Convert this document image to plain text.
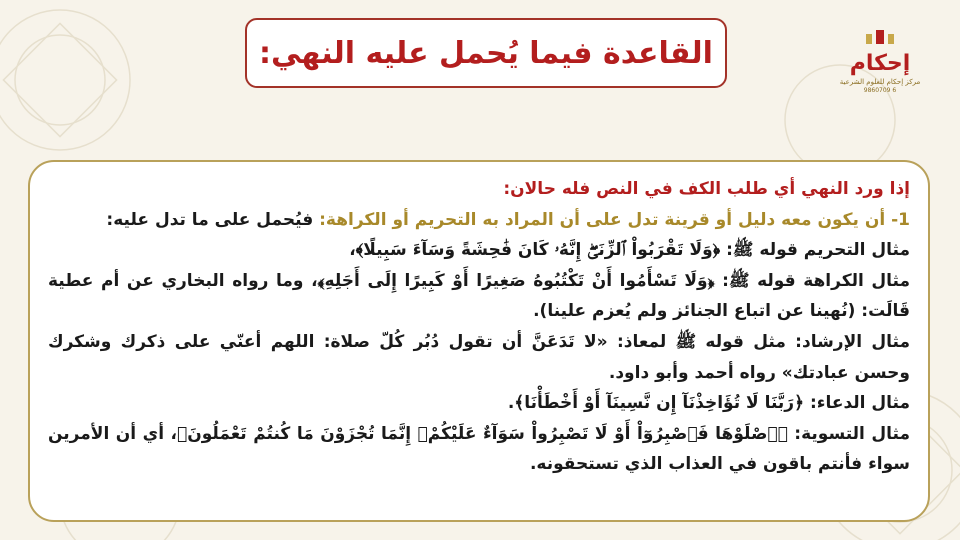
القاعدة فيما يُحمل عليه النهي:	إحكام
مركز إحكام للعلوم الشرعية
9860709 6

إذا ورد النهي أي طلب الكف في النص فله حالان:

1- أن يكون معه دليل أو قرينة تدل على أن المراد به التحريم أو الكراهة: فيُحمل على ما تدل عليه:

مثال التحريم قوله ﷺ: ﴿وَلَا تَقْرَبُواْ ٱلزِّنَىٰٓۖ إِنَّهُۥ كَانَ فَٰحِشَةً وَسَآءَ سَبِيلًا﴾،

مثال الكراهة قوله ﷺ: ﴿وَلَا تَسْأَمُوا أَنْ تَكْتُبُوهُ صَغِيرًا أَوْ كَبِيرًا إِلَى أَجَلِهِ﴾، وما رواه البخاري عن أم عطية قَالَت: (نُهينا عن اتباع الجنائز ولم يُعزم علينا).

مثال الإرشاد: مثل قوله ﷺ لمعاذ: «لا تَدَعَنَّ أن تقول دُبُر كُلّ صلاة: اللهم أعنّي على ذكرك وشكرك وحسن عبادتك» رواه أحمد وأبو داود.

مثال الدعاء: ﴿رَبَّنَا لَا تُؤَاخِذْنَآ إِن نَّسِينَآ أَوْ أَخْطَأْنَا﴾.

مثال التسوية: ﴿ٱصْلَوْهَا فَٱصْبِرُوٓاْ أَوْ لَا تَصْبِرُواْ سَوَآءٌ عَلَيْكُمْۖ إِنَّمَا تُجْزَوْنَ مَا كُنتُمْ تَعْمَلُونَ﴾، أي أن الأمرين سواء فأنتم باقون في العذاب الذي تستحقونه.
